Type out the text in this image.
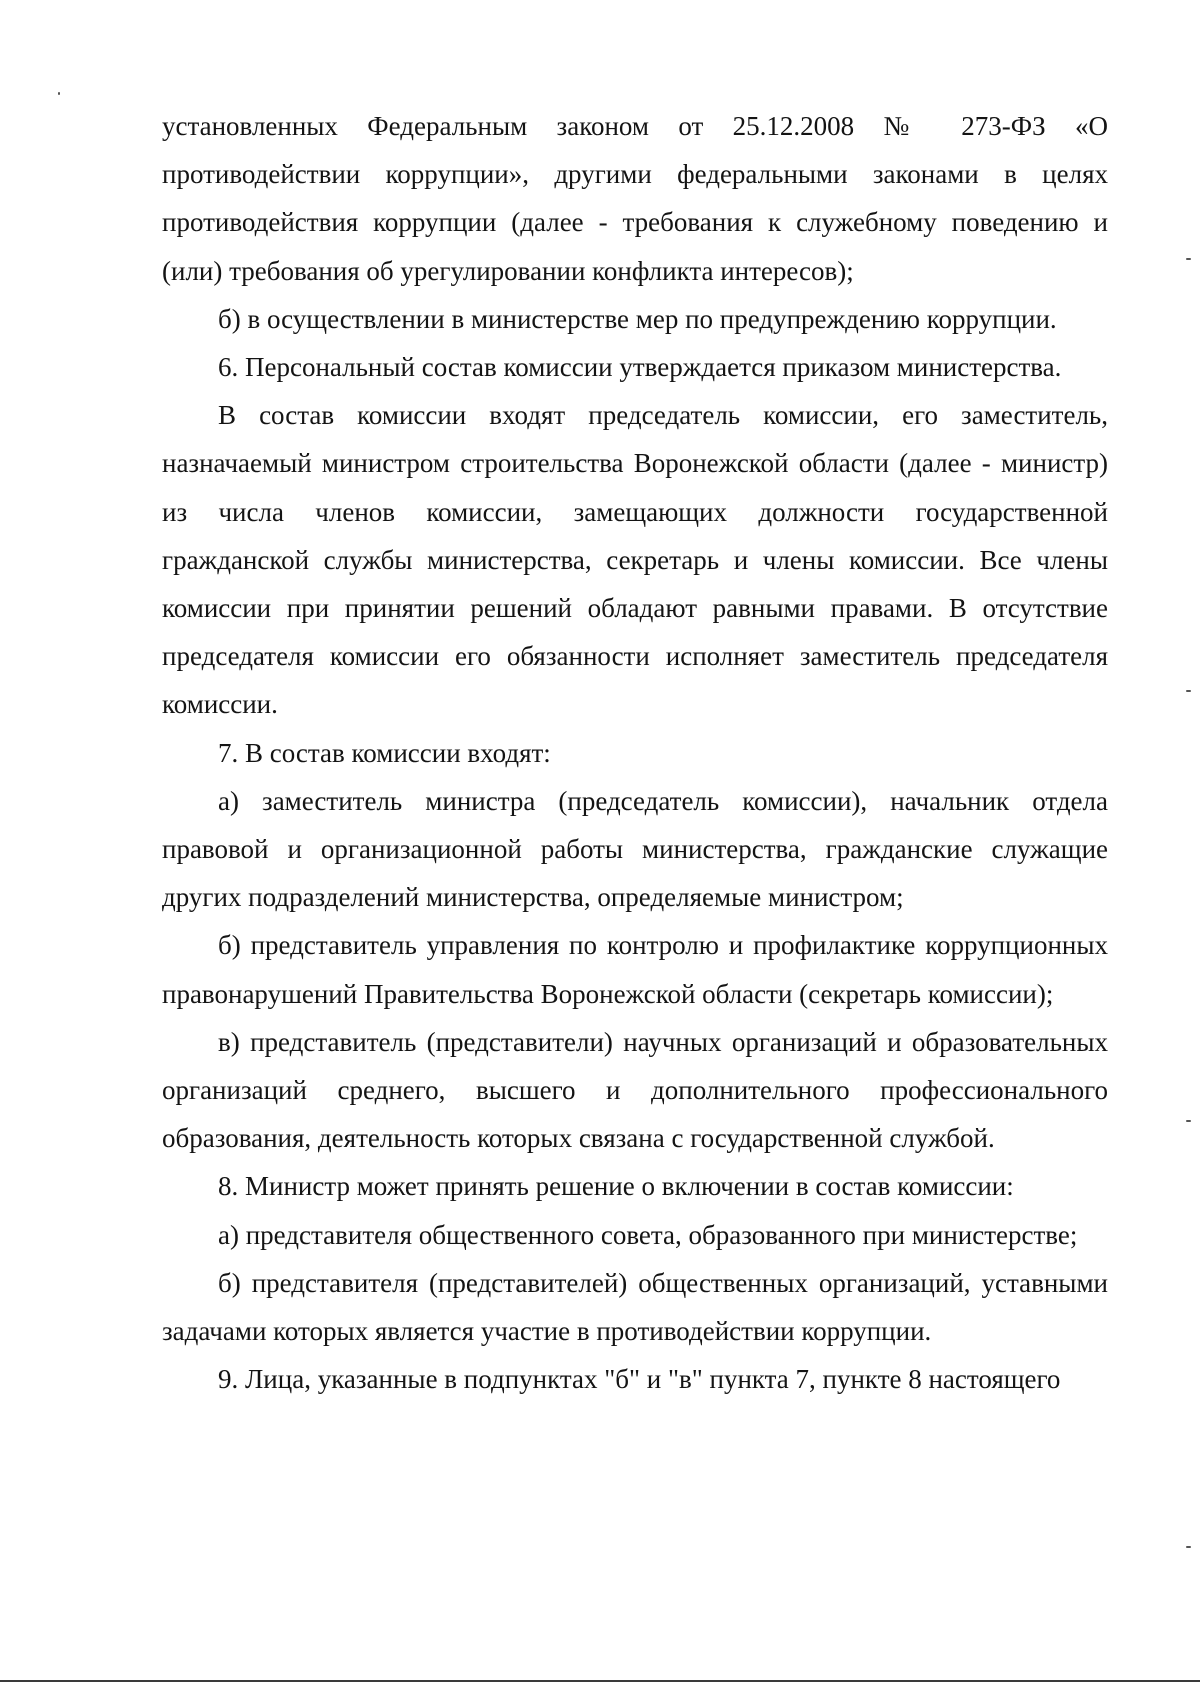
установленных Федеральным законом от 25.12.2008 № 273-ФЗ «О противодействии коррупции», другими федеральными законами в целях противодействия коррупции (далее - требования к служебному поведению и (или) требования об урегулировании конфликта интересов);

б) в осуществлении в министерстве мер по предупреждению коррупции.

6. Персональный состав комиссии утверждается приказом министерства.

В состав комиссии входят председатель комиссии, его заместитель, назначаемый министром строительства Воронежской области (далее - министр) из числа членов комиссии, замещающих должности государственной гражданской службы министерства, секретарь и члены комиссии. Все члены комиссии при принятии решений обладают равными правами. В отсутствие председателя комиссии его обязанности исполняет заместитель председателя комиссии.

7. В состав комиссии входят:

а) заместитель министра (председатель комиссии), начальник отдела правовой и организационной работы министерства, гражданские служащие других подразделений министерства, определяемые министром;

б) представитель управления по контролю и профилактике коррупционных правонарушений Правительства Воронежской области (секретарь комиссии);

в) представитель (представители) научных организаций и образовательных организаций среднего, высшего и дополнительного профессионального образования, деятельность которых связана с государственной службой.

8. Министр может принять решение о включении в состав комиссии:

а) представителя общественного совета, образованного при министерстве;

б) представителя (представителей) общественных организаций, уставными задачами которых является участие в противодействии коррупции.

9. Лица, указанные в подпунктах "б" и "в" пункта 7, пункте 8 настоящего
